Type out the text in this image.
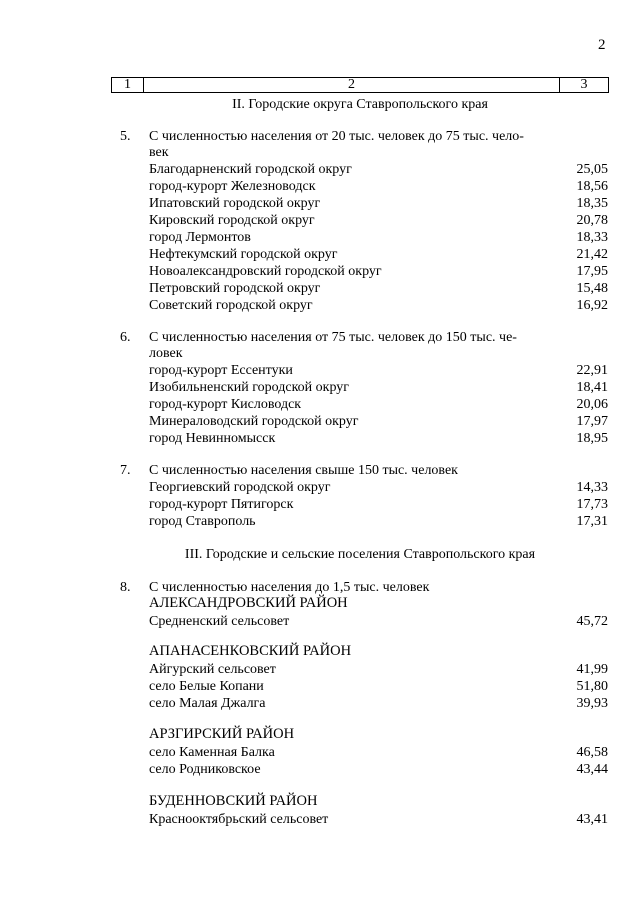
2
1	2	3
II. Городские округа Ставропольского края
5. С численностью населения от 20 тыс. человек до 75 тыс. чело-
век
Благодарненский городской округ	25,05
город-курорт Железноводск	18,56
Ипатовский городской округ	18,35
Кировский городской округ	20,78
город Лермонтов	18,33
Нефтекумский городской округ	21,42
Новоалександровский городской округ	17,95
Петровский городской округ	15,48
Советский городской округ	16,92
6. С численностью населения от 75 тыс. человек до 150 тыс. че-
ловек
город-курорт Ессентуки	22,91
Изобильненский городской округ	18,41
город-курорт Кисловодск	20,06
Минераловодский городской округ	17,97
город Невинномысск	18,95
7. С численностью населения свыше 150 тыс. человек
Георгиевский городской округ	14,33
город-курорт Пятигорск	17,73
город Ставрополь	17,31
III. Городские и сельские поселения Ставропольского края
8. С численностью населения до 1,5 тыс. человек
АЛЕКСАНДРОВСКИЙ РАЙОН
Средненский сельсовет	45,72
АПАНАСЕНКОВСКИЙ РАЙОН
Айгурский сельсовет	41,99
село Белые Копани	51,80
село Малая Джалга	39,93
АРЗГИРСКИЙ РАЙОН
село Каменная Балка	46,58
село Родниковское	43,44
БУДЕННОВСКИЙ РАЙОН
Краснооктябрьский сельсовет	43,41
